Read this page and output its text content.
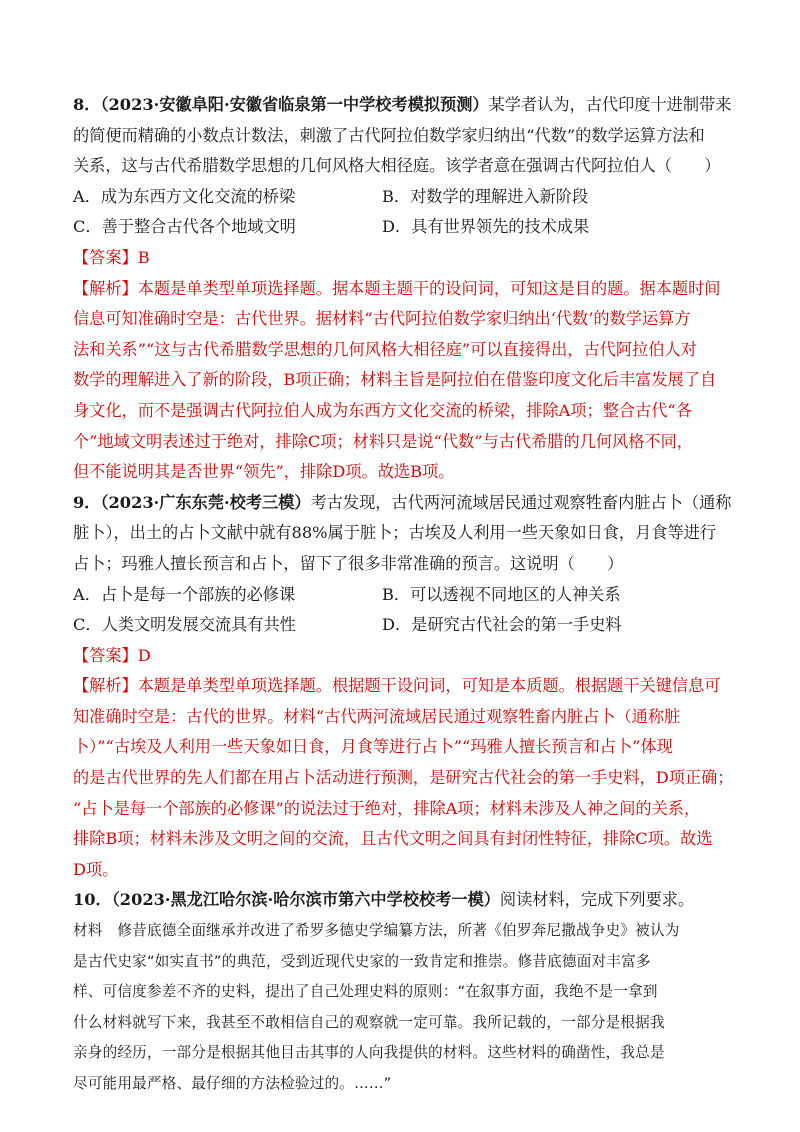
8．（2023·安徽阜阳·安徽省临泉第一中学校考模拟预测）某学者认为，古代印度十进制带来
的简便而精确的小数点计数法，刺激了古代阿拉伯数学家归纳出“代数”的数学运算方法和
关系，这与古代希腊数学思想的几何风格大相径庭。该学者意在强调古代阿拉伯人（　　）
A．成为东西方文化交流的桥梁	B．对数学的理解进入新阶段
C．善于整合古代各个地域文明	D．具有世界领先的技术成果
【答案】B
【解析】本题是单类型单项选择题。据本题主题干的设问词，可知这是目的题。据本题时间
信息可知准确时空是：古代世界。据材料“古代阿拉伯数学家归纳出‘代数’的数学运算方
法和关系”“这与古代希腊数学思想的几何风格大相径庭”可以直接得出，古代阿拉伯人对
数学的理解进入了新的阶段，B项正确；材料主旨是阿拉伯在借鉴印度文化后丰富发展了自
身文化，而不是强调古代阿拉伯人成为东西方文化交流的桥梁，排除A项；整合古代“各
个”地域文明表述过于绝对，排除C项；材料只是说“代数”与古代希腊的几何风格不同，
但不能说明其是否世界“领先”，排除D项。故选B项。
9．（2023·广东东莞·校考三模）考古发现，古代两河流域居民通过观察牲畜内脏占卜（通称
脏卜），出土的占卜文献中就有88%属于脏卜；古埃及人利用一些天象如日食，月食等进行
占卜；玛雅人擅长预言和占卜，留下了很多非常准确的预言。这说明（　　）
A．占卜是每一个部族的必修课	B．可以透视不同地区的人神关系
C．人类文明发展交流具有共性	D．是研究古代社会的第一手史料
【答案】D
【解析】本题是单类型单项选择题。根据题干设问词，可知是本质题。根据题干关键信息可
知准确时空是：古代的世界。材料“古代两河流域居民通过观察牲畜内脏占卜（通称脏
卜）”“古埃及人利用一些天象如日食，月食等进行占卜”“玛雅人擅长预言和占卜”体现
的是古代世界的先人们都在用占卜活动进行预测，是研究古代社会的第一手史料，D项正确；
“占卜是每一个部族的必修课”的说法过于绝对，排除A项；材料未涉及人神之间的关系，
排除B项；材料未涉及文明之间的交流，且古代文明之间具有封闭性特征，排除C项。故选
D项。
10．（2023·黑龙江哈尔滨·哈尔滨市第六中学校校考一模）阅读材料，完成下列要求。
材料　修昔底德全面继承并改进了希罗多德史学编纂方法，所著《伯罗奔尼撒战争史》被认为
是古代史家“如实直书”的典范，受到近现代史家的一致肯定和推崇。修昔底德面对丰富多
样、可信度参差不齐的史料，提出了自己处理史料的原则：“在叙事方面，我绝不是一拿到
什么材料就写下来，我甚至不敢相信自己的观察就一定可靠。我所记载的，一部分是根据我
亲身的经历，一部分是根据其他目击其事的人向我提供的材料。这些材料的确凿性，我总是
尽可能用最严格、最仔细的方法检验过的。……”
